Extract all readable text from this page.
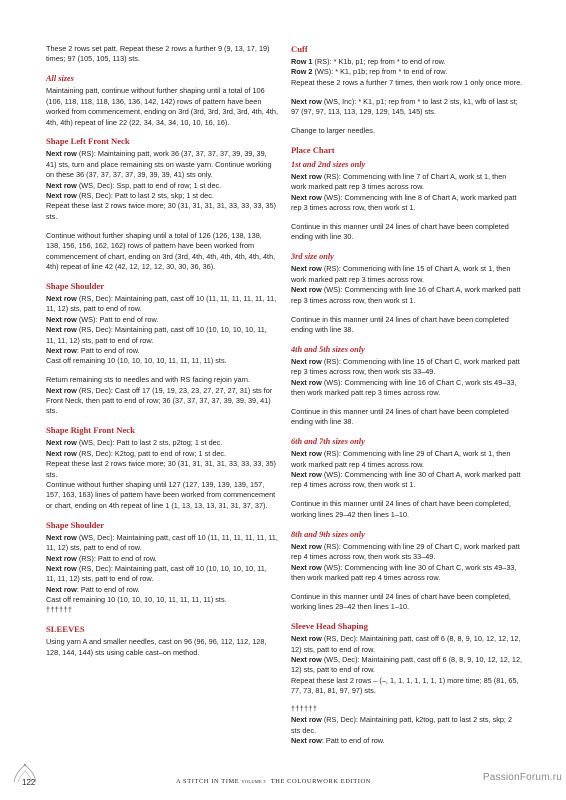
These 2 rows set patt. Repeat these 2 rows a further 9 (9, 13, 17, 19) times; 97 (105, 105, 113) sts.

All sizes

Maintaining patt, continue without further shaping until a total of 106 (106, 118, 118, 118, 136, 136, 142, 142) rows of pattern have been worked from commencement, ending on 3rd (3rd, 3rd, 3rd, 3rd, 4th, 4th, 4th, 4th) repeat of line 22 (22, 34, 34, 34, 10, 10, 16, 16).

Shape Left Front Neck

Next row (RS): Maintaining patt, work 36 (37, 37, 37, 37, 39, 39, 39, 41) sts, turn and place remaining sts on waste yarn. Continue working on these 36 (37, 37, 37, 37, 39, 39, 39, 41) sts only.

Next row (WS, Dec): Ssp, patt to end of row; 1 st dec.

Next row (RS, Dec): Patt to last 2 sts, skp; 1 st dec.

Repeat these last 2 rows twice more; 30 (31, 31, 31, 31, 33, 33, 33, 35) sts.

Continue without further shaping until a total of 126 (126, 138, 138, 138, 156, 156, 162, 162) rows of pattern have been worked from commencement of chart, ending on 3rd (3rd, 4th, 4th, 4th, 4th, 4th, 4th, 4th) repeat of line 42 (42, 12, 12, 12, 30, 30, 36, 36).

Shape Shoulder

Next row (RS, Dec): Maintaining patt, cast off 10 (11, 11, 11, 11, 11, 11, 11, 12) sts, patt to end of row.

Next row (WS): Patt to end of row.

Next row (RS, Dec): Maintaining patt, cast off 10 (10, 10, 10, 10, 11, 11, 11, 12) sts, patt to end of row.

Next row: Patt to end of row.

Cast off remaining 10 (10, 10, 10, 10, 11, 11, 11, 11) sts.

Return remaining sts to needles and with RS facing rejoin yarn.

Next row (RS, Dec): Cast off 17 (19, 19, 23, 23, 27, 27, 27, 31) sts for Front Neck, then patt to end of row; 36 (37, 37, 37, 37, 39, 39, 39, 41) sts.

Shape Right Front Neck

Next row (WS, Dec): Patt to last 2 sts, p2tog; 1 st dec.

Next row (RS, Dec): K2tog, patt to end of row; 1 st dec.

Repeat these last 2 rows twice more; 30 (31, 31, 31, 31, 33, 33, 33, 35) sts.

Continue without further shaping until 127 (127, 139, 139, 139, 157, 157, 163, 163) lines of pattern have been worked from commencement or chart, ending on 4th repeat of line 1 (1, 13, 13, 13, 31, 31, 37, 37).

Shape Shoulder

Next row (WS, Dec): Maintaining patt, cast off 10 (11, 11, 11, 11, 11, 11, 11, 12) sts, patt to end of row.

Next row (RS): Patt to end of row.

Next row (RS, Dec): Maintaining patt, cast off 10 (10, 10, 10, 10, 11, 11, 11, 12) sts, patt to end of row.

Next row: Patt to end of row.

Cast off remaining 10 (10, 10, 10, 10, 11, 11, 11, 11) sts.

††††††

SLEEVES

Using yarn A and smaller needles, cast on 96 (96, 96, 112, 112, 128, 128, 144, 144) sts using cable cast–on method.

Cuff

Row 1 (RS): * K1b, p1; rep from * to end of row.

Row 2 (WS): * K1, p1b; rep from * to end of row.

Repeat these 2 rows a further 7 times, then work row 1 only once more.

Next row (WS, Inc): * K1, p1; rep from * to last 2 sts, k1, wfb of last st; 97 (97, 97, 113, 113, 129, 129, 145, 145) sts.

Change to larger needles.

Place Chart
1st and 2nd sizes only

Next row (RS): Commencing with line 7 of Chart A, work st 1, then work marked patt rep 3 times across row.

Next row (WS): Commencing with line 8 of Chart A, work marked patt rep 3 times across row, then work st 1.

Continue in this manner until 24 lines of chart have been completed ending with line 30.

3rd size only

Next row (RS): Commencing with line 15 of Chart A, work st 1, then work marked patt rep 3 times across row.

Next row (WS): Commencing with line 16 of Chart A, work marked patt rep 3 times across row, then work st 1.

Continue in this manner until 24 lines of chart have been completed ending with line 38.

4th and 5th sizes only

Next row (RS): Commencing with line 15 of Chart C, work marked patt rep 3 times across row, then work sts 33–49.

Next row (WS): Commencing with line 16 of Chart C, work sts 49–33, then work marked patt rep 3 times across row.

Continue in this manner until 24 lines of chart have been completed ending with line 38.

6th and 7th sizes only

Next row (RS): Commencing with line 29 of Chart A, work st 1, then work marked patt rep 4 times across row.

Next row (WS): Commencing with line 30 of Chart A, work marked patt rep 4 times across row, then work st 1.

Continue in this manner until 24 lines of chart have been completed, working lines 29–42 then lines 1–10.

8th and 9th sizes only

Next row (RS): Commencing with line 29 of Chart C, work marked patt rep 4 times across row, then work sts 33–49.

Next row (WS): Commencing with line 30 of Chart C, work sts 49–33, then work marked patt rep 4 times across row.

Continue in this manner until 24 lines of chart have been completed, working lines 29–42 then lines 1–10.

Sleeve Head Shaping

Next row (RS, Dec): Maintaining patt, cast off 6 (8, 8, 9, 10, 12, 12, 12, 12) sts, patt to end of row.

Next row (WS, Dec): Maintaining patt, cast off 6 (8, 8, 9, 10, 12, 12, 12, 12) sts, patt to end of row.

Repeat these last 2 rows – (–, 1, 1, 1, 1, 1, 1, 1) more time; 85 (81, 65, 77, 73, 81, 81, 97, 97) sts.

††††††

Next row (RS, Dec): Maintaining patt, k2tog, patt to last 2 sts, skp; 2 sts dec.

Next row: Patt to end of row.

122	A STITCH IN TIME VOLUME 3 THE COLOURWORK EDITION	PassionForum.ru
